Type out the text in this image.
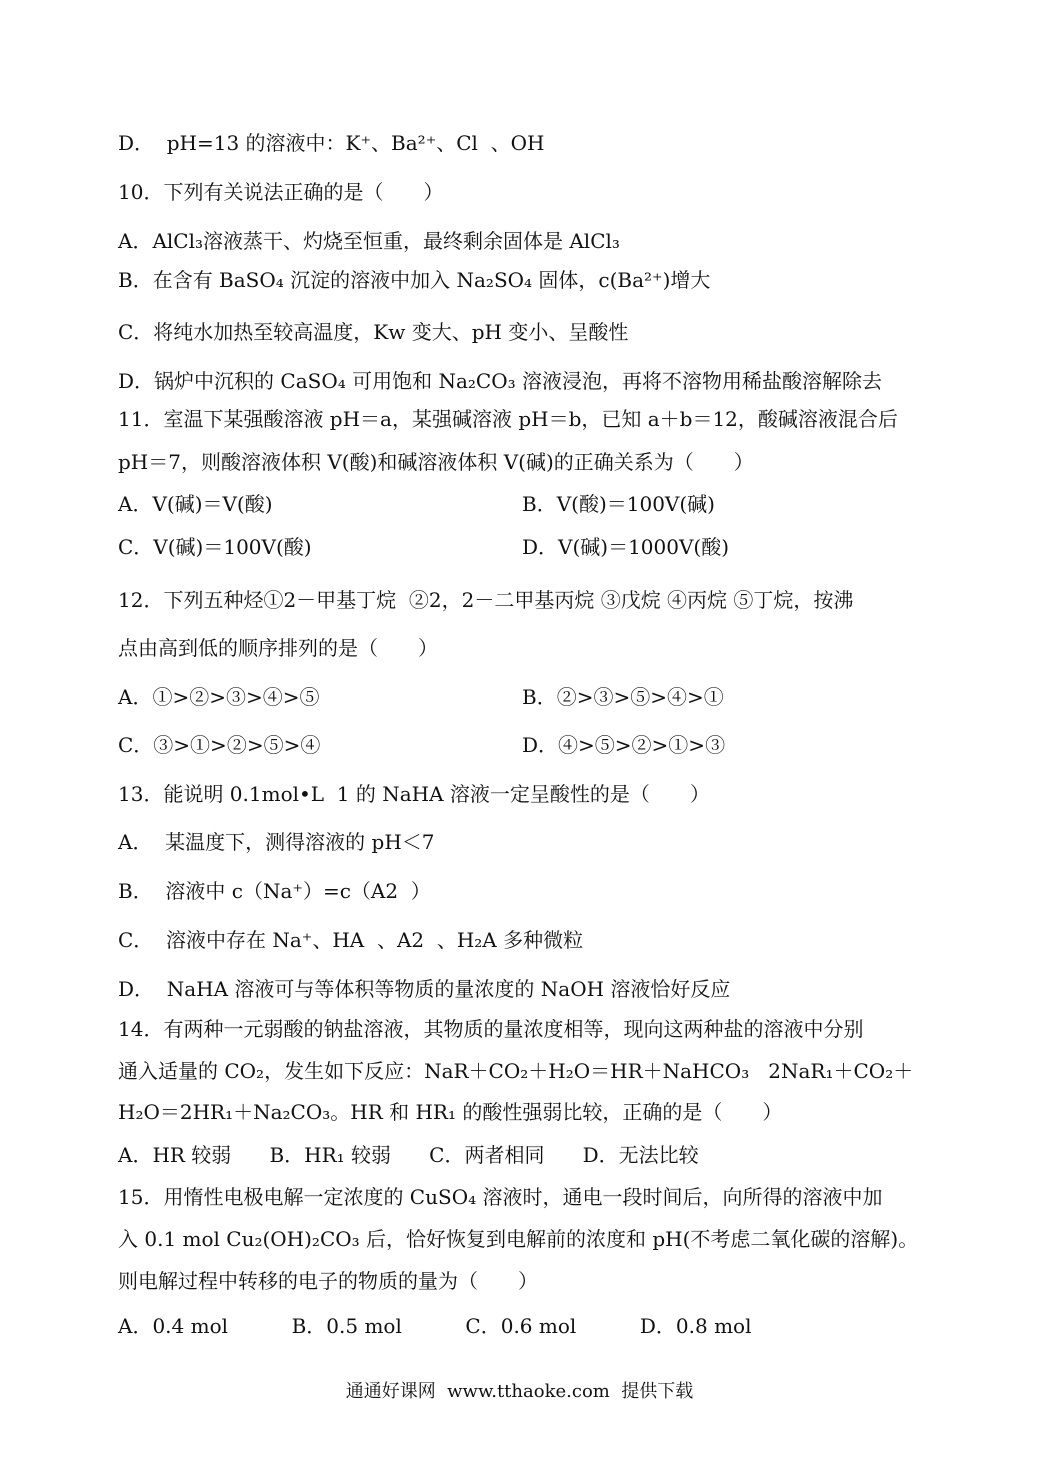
D．  pH=13 的溶液中：K⁺、Ba²⁺、Cl  、OH
10．下列有关说法正确的是（　　）
A．AlCl₃溶液蒸干、灼烧至恒重，最终剩余固体是 AlCl₃
B．在含有 BaSO₄ 沉淀的溶液中加入 Na₂SO₄ 固体，c(Ba²⁺)增大
C．将纯水加热至较高温度，Kw 变大、pH 变小、呈酸性
D．锅炉中沉积的 CaSO₄ 可用饱和 Na₂CO₃ 溶液浸泡，再将不溶物用稀盐酸溶解除去
11．室温下某强酸溶液 pH＝a，某强碱溶液 pH＝b，已知 a＋b＝12，酸碱溶液混合后
pH＝7，则酸溶液体积 V(酸)和碱溶液体积 V(碱)的正确关系为（　　）
A．V(碱)＝V(酸)	B．V(酸)＝100V(碱)
C．V(碱)＝100V(酸)	D．V(碱)＝1000V(酸)
12．下列五种烃①2－甲基丁烷  ②2，2－二甲基丙烷 ③戊烷 ④丙烷 ⑤丁烷，按沸
点由高到低的顺序排列的是（　　）
A．①>②>③>④>⑤	B．②>③>⑤>④>①
C．③>①>②>⑤>④	D．④>⑤>②>①>③
13．能说明 0.1mol•L  1 的 NaHA 溶液一定呈酸性的是（　　）
A．  某温度下，测得溶液的 pH＜7
B．  溶液中 c（Na⁺）=c（A2  ）
C．  溶液中存在 Na⁺、HA  、A2  、H₂A 多种微粒
D．  NaHA 溶液可与等体积等物质的量浓度的 NaOH 溶液恰好反应
14．有两种一元弱酸的钠盐溶液，其物质的量浓度相等，现向这两种盐的溶液中分别
通入适量的 CO₂，发生如下反应：NaR＋CO₂＋H₂O＝HR＋NaHCO₃   2NaR₁＋CO₂＋
H₂O＝2HR₁＋Na₂CO₃。HR 和 HR₁ 的酸性强弱比较，正确的是（　　）
A．HR 较弱      B．HR₁ 较弱      C．两者相同      D．无法比较
15．用惰性电极电解一定浓度的 CuSO₄ 溶液时，通电一段时间后，向所得的溶液中加
入 0.1 mol Cu₂(OH)₂CO₃ 后，恰好恢复到电解前的浓度和 pH(不考虑二氧化碳的溶解)。
则电解过程中转移的电子的物质的量为（　　）
A．0.4 mol          B．0.5 mol          C．0.6 mol          D．0.8 mol
通通好课网  www.tthaoke.com  提供下载
